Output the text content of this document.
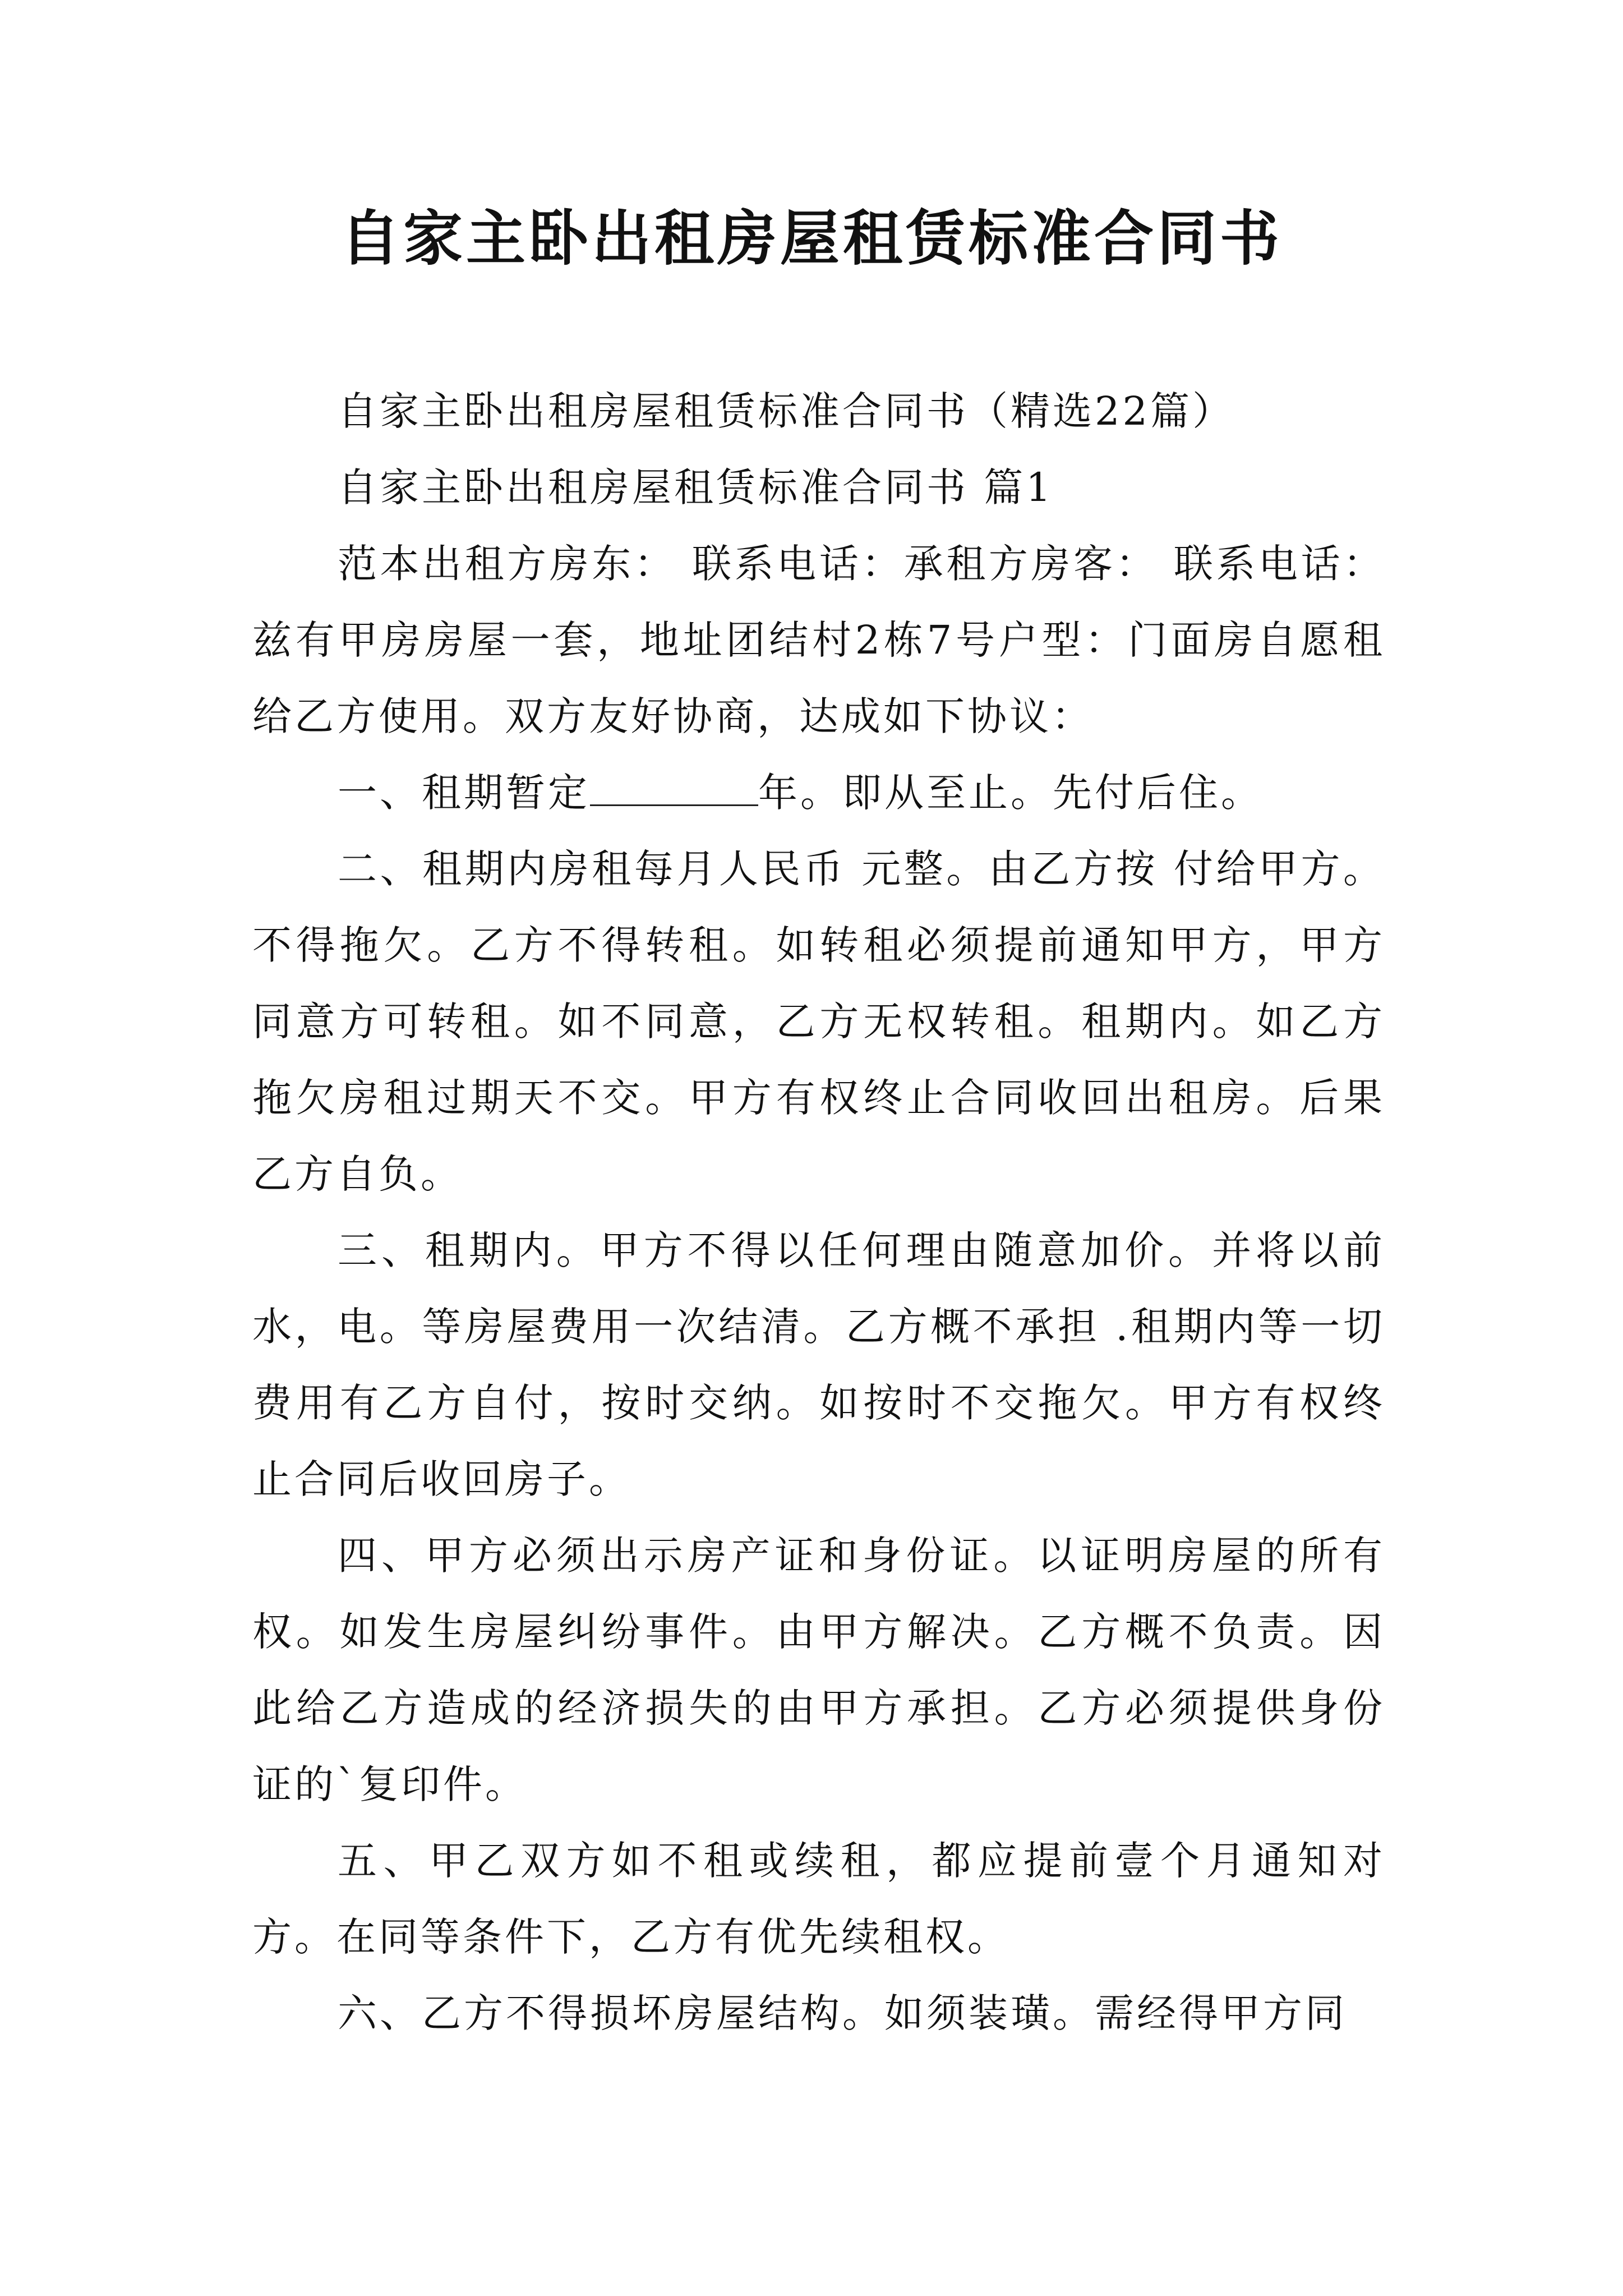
自家主卧出租房屋租赁标准合同书

自家主卧出租房屋租赁标准合同书（精选22篇）

自家主卧出租房屋租赁标准合同书 篇1

范本出租方房东： 联系电话：承租方房客： 联系电话：兹有甲房房屋一套，地址团结村2栋7号户型：门面房自愿租给乙方使用。双方友好协商，达成如下协议：

一、租期暂定	年。即从至止。先付后住。

二、租期内房租每月人民币 元整。由乙方按 付给甲方。不得拖欠。乙方不得转租。如转租必须提前通知甲方，甲方同意方可转租。如不同意，乙方无权转租。租期内。如乙方拖欠房租过期天不交。甲方有权终止合同收回出租房。后果乙方自负。

三、租期内。甲方不得以任何理由随意加价。并将以前水，电。等房屋费用一次结清。乙方概不承担 .租期内等一切费用有乙方自付，按时交纳。如按时不交拖欠。甲方有权终止合同后收回房子。

四、甲方必须出示房产证和身份证。以证明房屋的所有权。如发生房屋纠纷事件。由甲方解决。乙方概不负责。因此给乙方造成的经济损失的由甲方承担。乙方必须提供身份证的`复印件。

五、甲乙双方如不租或续租，都应提前壹个月通知对方。在同等条件下，乙方有优先续租权。

六、乙方不得损坏房屋结构。如须装璜。需经得甲方同
